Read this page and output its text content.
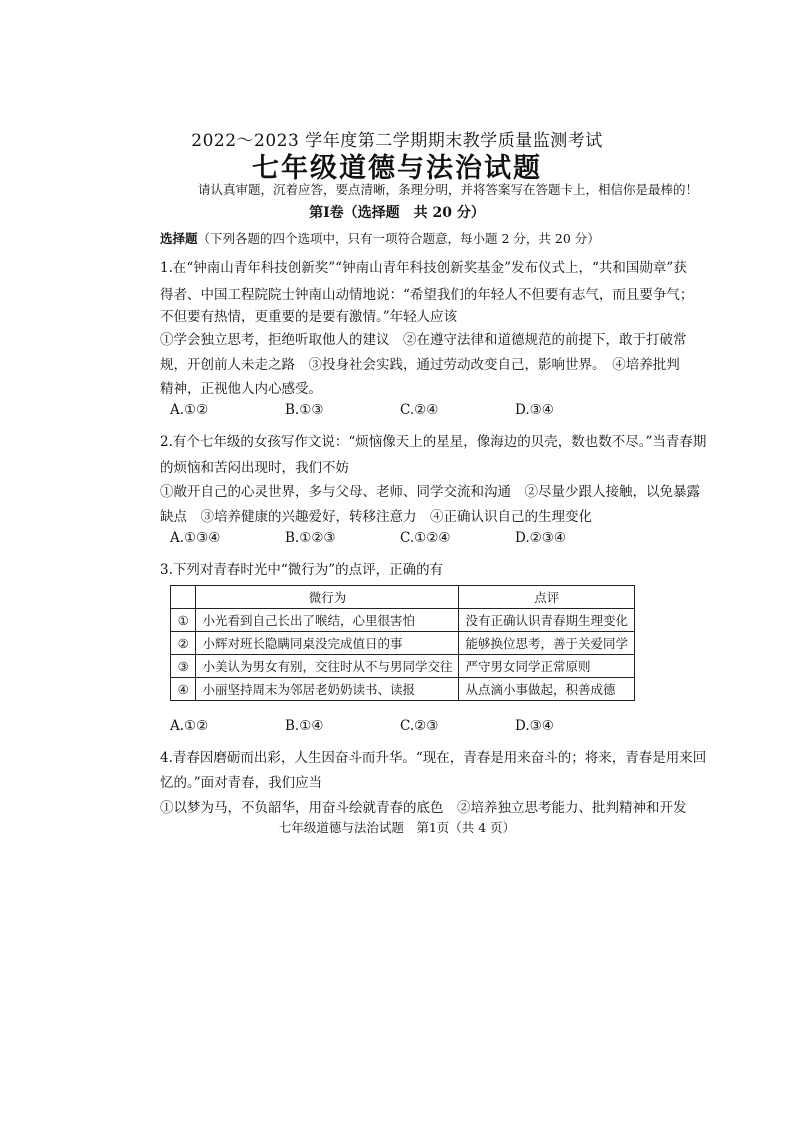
2022～2023 学年度第二学期期末教学质量监测考试
七年级道德与法治试题
请认真审题，沉着应答，要点清晰，条理分明，并将答案写在答题卡上，相信你是最棒的！
第Ⅰ卷（选择题　共 20 分）
选择题（下列各题的四个选项中，只有一项符合题意，每小题 2 分，共 20 分）
1.在“钟南山青年科技创新奖”“钟南山青年科技创新奖基金”发布仪式上，“共和国勋章”获
得者、中国工程院院士钟南山动情地说：“希望我们的年轻人不但要有志气，而且要争气；
不但要有热情，更重要的是要有激情。”年轻人应该
①学会独立思考，拒绝听取他人的建议　②在遵守法律和道德规范的前提下，敢于打破常
规，开创前人未走之路　③投身社会实践，通过劳动改变自己，影响世界。　④培养批判
精神，正视他人内心感受。
A.①②	B.①③	C.②④	D.③④
2.有个七年级的女孩写作文说：“烦恼像天上的星星，像海边的贝壳，数也数不尽。”当青春期
的烦恼和苦闷出现时，我们不妨
①敞开自己的心灵世界，多与父母、老师、同学交流和沟通　②尽量少跟人接触，以免暴露
缺点　③培养健康的兴趣爱好，转移注意力　④正确认识自己的生理变化
A.①③④	B.①②③	C.①②④	D.②③④
3.下列对青春时光中“微行为”的点评，正确的有
	微行为	点评
①	小光看到自己长出了喉结，心里很害怕	没有正确认识青春期生理变化
②	小辉对班长隐瞒同桌没完成值日的事	能够换位思考，善于关爱同学
③	小美认为男女有别，交往时从不与男同学交往	严守男女同学正常原则
④	小丽坚持周末为邻居老奶奶读书、读报	从点滴小事做起，积善成德
A.①②	B.①④	C.②③	D.③④
4.青春因磨砺而出彩，人生因奋斗而升华。“现在，青春是用来奋斗的；将来，青春是用来回
忆的。”面对青春，我们应当
①以梦为马，不负韶华，用奋斗绘就青春的底色　②培养独立思考能力、批判精神和开发
七年级道德与法治试题　第1页（共 4 页）
